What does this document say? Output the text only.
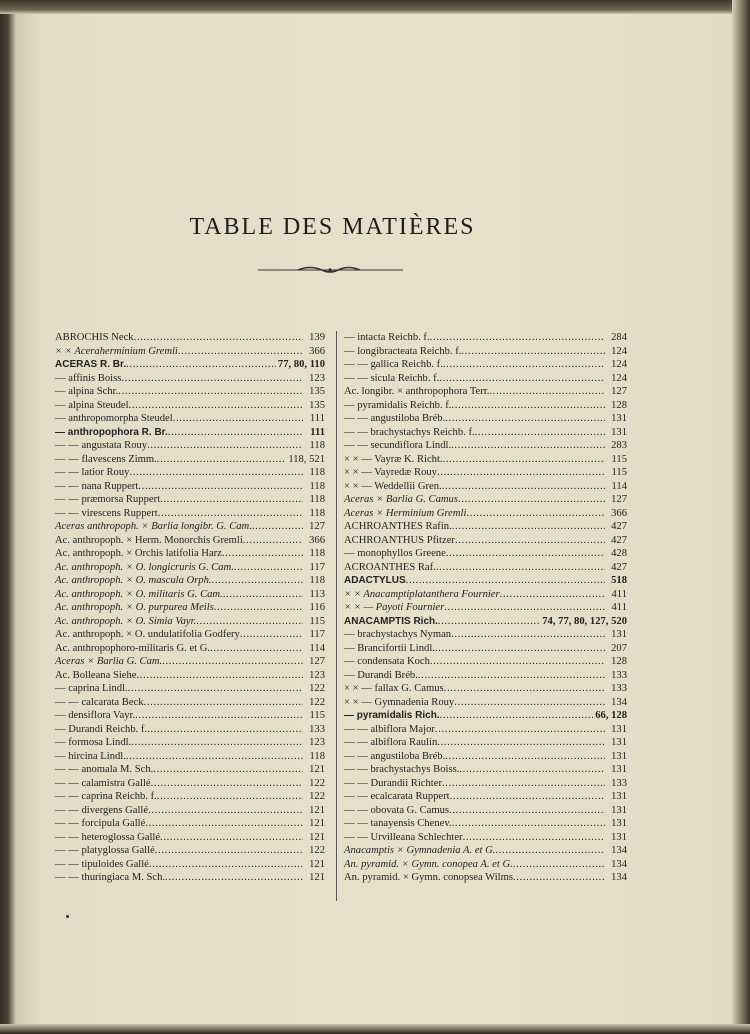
TABLE DES MATIÈRES
ABROCHIS Neck . . .	139
× × Aceraherminium Gremli . . .	366
ACERAS R. Br. . . .	77, 80, 110
— affinis Boiss . . .	123
— alpina Schr. . . .	135
— alpina Steudel . . .	135
— anthropomorpha Steudel . . .	111
— anthropophora R. Br. . . .	111
— — angustata Rouy . . .	118
— — flavescens Zimm. . . .	118, 521
— — latior Rouy . . .	118
— — nana Ruppert . . .	118
— — præmorsa Ruppert . . .	118
— — virescens Ruppert . . .	118
Aceras anthropoph. × Barlia longibr. G. Cam. . . .	127
Ac. anthropoph. × Herm. Monorchis Gremli . . .	366
Ac. anthropoph. × Orchis latifolia Harz . . .	118
Ac. anthropoph. × O. longicruris G. Cam. . . .	117
Ac. anthropoph. × O. mascula Orph. . . .	118
Ac. anthropoph. × O. militaris G. Cam. . . .	113
Ac. anthropoph. × O. purpurea Meils . . .	116
Ac. anthropoph. × O. Simia Vayr. . . .	115
Ac. anthropoph. × O. undulatifolia Godfery . . .	117
Ac. anthropophoro-militaris G. et G. . . .	114
Aceras × Barlia G. Cam. . . .	127
Ac. Bolleana Siehe . . .	123
— caprina Lindl. . . .	122
— — calcarata Beck . . .	122
— densiflora Vayr. . . .	115
— Durandi Reichb. f. . . .	133
— formosa Lindl. . . .	123
— hircina Lindl. . . .	118
— — anomala M. Sch. . . .	121
— — calamistra Gallé . . .	122
— — caprina Reichb. f. . . .	122
— — divergens Gallé . . .	121
— — forcipula Gallé . . .	121
— — heteroglossa Gallé . . .	121
— — platyglossa Gallé . . .	122
— — tipuloides Gallé . . .	121
— — thuringiaca M. Sch. . . .	121
— intacta Reichb. f. . . .	284
— longibracteata Reichb. f. . . .	124
— — gallica Reichb. f. . . .	124
— — sicula Reichb. f. . . .	124
Ac. longibr. × anthropophora Terr. . . .	127
— pyramidalis Reichb. f. . . .	128
— — angustiloba Bréb. . . .	131
— — brachystachys Reichb. f. . . .	131
— — secundiflora Lindl. . . .	283
× × — Vayræ K. Richt. . . .	115
× × — Vayredæ Rouy . . .	115
× × — Weddellii Gren. . . .	114
Aceras × Barlia G. Camus . . .	127
Aceras × Herminium Gremli . . .	366
ACHROANTHES Rafin. . . .	427
ACHROANTHUS Pfitzer . . .	427
— monophyllos Greene . . .	428
ACROANTHES Raf. . . .	427
ADACTYLUS . . .	518
× × Anacamptiplatanthera Fournier . . .	411
× × — Payoti Fournier . . .	411
ANACAMPTIS Rich. . . .	74, 77, 80, 127, 520
— brachystachys Nyman . . .	131
— Brancifortii Lindl. . . .	207
— condensata Koch . . .	128
— Durandi Bréb. . . .	133
× × — fallax G. Camus . . .	133
× × — Gymnadenia Rouy . . .	134
— pyramidalis Rich. . . .	66, 128
— — albiflora Major . . .	131
— — albiflora Raulin . . .	131
— — angustiloba Bréb. . . .	131
— — brachystachys Boiss. . . .	131
— — Durandii Richter . . .	133
— — ecalcarata Ruppert . . .	131
— — obovata G. Camus . . .	131
— — tanayensis Chenev. . . .	131
— — Urvilleana Schlechter . . .	131
Anacamptis × Gymnadenia A. et G. . . .	134
An. pyramid. × Gymn. conopea A. et G. . . .	134
An. pyramid. × Gymn. conopsea Wilms . . .	134
